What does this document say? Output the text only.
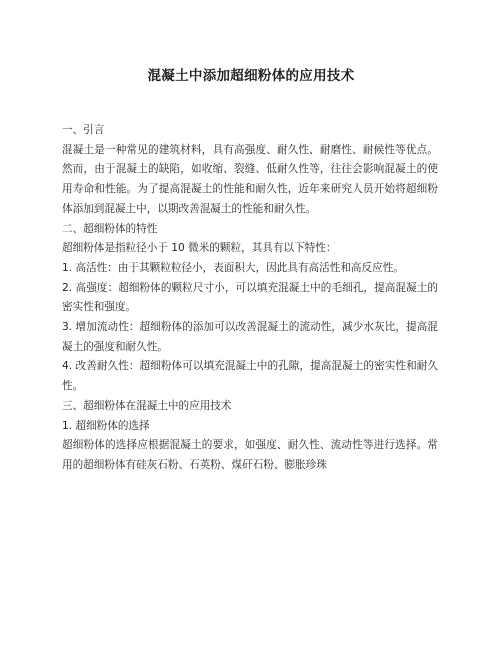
混凝土中添加超细粉体的应用技术

一、引言

混凝土是一种常见的建筑材料，具有高强度、耐久性、耐磨性、耐候性等优点。然而，由于混凝土的缺陷，如收缩、裂缝、低耐久性等，往往会影响混凝土的使用寿命和性能。为了提高混凝土的性能和耐久性，近年来研究人员开始将超细粉体添加到混凝土中，以期改善混凝土的性能和耐久性。

二、超细粉体的特性

超细粉体是指粒径小于 10 微米的颗粒，其具有以下特性：

1. 高活性：由于其颗粒粒径小，表面积大，因此具有高活性和高反应性。

2. 高强度：超细粉体的颗粒尺寸小，可以填充混凝土中的毛细孔，提高混凝土的密实性和强度。

3. 增加流动性：超细粉体的添加可以改善混凝土的流动性，减少水灰比，提高混凝土的强度和耐久性。

4. 改善耐久性：超细粉体可以填充混凝土中的孔隙，提高混凝土的密实性和耐久性。

三、超细粉体在混凝土中的应用技术

1. 超细粉体的选择

超细粉体的选择应根据混凝土的要求，如强度、耐久性、流动性等进行选择。常用的超细粉体有硅灰石粉、石英粉、煤矸石粉、膨胀珍珠
